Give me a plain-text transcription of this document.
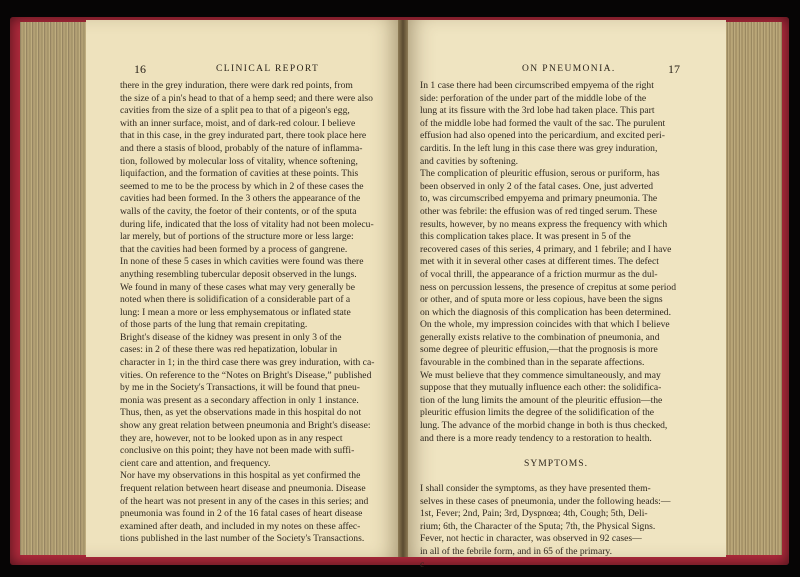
16	CLINICAL REPORT	ON PNEUMONIA.	17
there in the grey induration, there were dark red points, from
the size of a pin's head to that of a hemp seed; and there were also
cavities from the size of a split pea to that of a pigeon's egg,
with an inner surface, moist, and of dark-red colour. I believe
that in this case, in the grey indurated part, there took place here
and there a stasis of blood, probably of the nature of inflamma-
tion, followed by molecular loss of vitality, whence softening,
liquifaction, and the formation of cavities at these points. This
seemed to me to be the process by which in 2 of these cases the
cavities had been formed. In the 3 others the appearance of the
walls of the cavity, the foetor of their contents, or of the sputa
during life, indicated that the loss of vitality had not been molecu-
lar merely, but of portions of the structure more or less large:
that the cavities had been formed by a process of gangrene.
In none of these 5 cases in which cavities were found was there
anything resembling tubercular deposit observed in the lungs.
We found in many of these cases what may very generally be
noted when there is solidification of a considerable part of a
lung: I mean a more or less emphysematous or inflated state
of those parts of the lung that remain crepitating.
Bright's disease of the kidney was present in only 3 of the
cases: in 2 of these there was red hepatization, lobular in
character in 1; in the third case there was grey induration, with ca-
vities. On reference to the “Notes on Bright's Disease,” published
by me in the Society's Transactions, it will be found that pneu-
monia was present as a secondary affection in only 1 instance.
Thus, then, as yet the observations made in this hospital do not
show any great relation between pneumonia and Bright's disease:
they are, however, not to be looked upon as in any respect
conclusive on this point; they have not been made with suffi-
cient care and attention, and frequency.
Nor have my observations in this hospital as yet confirmed the
frequent relation between heart disease and pneumonia. Disease
of the heart was not present in any of the cases in this series; and
pneumonia was found in 2 of the 16 fatal cases of heart disease
examined after death, and included in my notes on these affec-
tions published in the last number of the Society's Transactions.
In 1 case there had been circumscribed empyema of the right
side: perforation of the under part of the middle lobe of the
lung at its fissure with the 3rd lobe had taken place. This part
of the middle lobe had formed the vault of the sac. The purulent
effusion had also opened into the pericardium, and excited peri-
carditis. In the left lung in this case there was grey induration,
and cavities by softening.
The complication of pleuritic effusion, serous or puriform, has
been observed in only 2 of the fatal cases. One, just adverted
to, was circumscribed empyema and primary pneumonia. The
other was febrile: the effusion was of red tinged serum. These
results, however, by no means express the frequency with which
this complication takes place. It was present in 5 of the
recovered cases of this series, 4 primary, and 1 febrile; and I have
met with it in several other cases at different times. The defect
of vocal thrill, the appearance of a friction murmur as the dul-
ness on percussion lessens, the presence of crepitus at some period
or other, and of sputa more or less copious, have been the signs
on which the diagnosis of this complication has been determined.
On the whole, my impression coincides with that which I believe
generally exists relative to the combination of pneumonia, and
some degree of pleuritic effusion,—that the prognosis is more
favourable in the combined than in the separate affections.
We must believe that they commence simultaneously, and may
suppose that they mutually influence each other: the solidifica-
tion of the lung limits the amount of the pleuritic effusion—the
pleuritic effusion limits the degree of the solidification of the
lung. The advance of the morbid change in both is thus checked,
and there is a more ready tendency to a restoration to health.
SYMPTOMS.
I shall consider the symptoms, as they have presented them-
selves in these cases of pneumonia, under the following heads:—
1st, Fever; 2nd, Pain; 3rd, Dyspnœa; 4th, Cough; 5th, Deli-
rium; 6th, the Character of the Sputa; 7th, the Physical Signs.
Fever, not hectic in character, was observed in 92 cases—
in all of the febrile form, and in 65 of the primary.
c
